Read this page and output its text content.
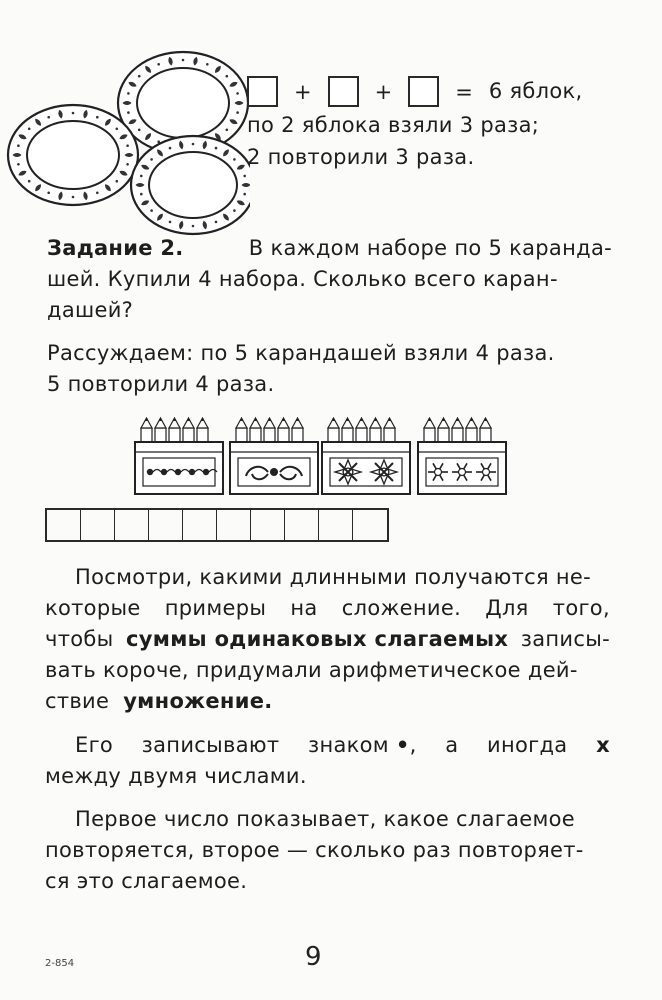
+	+	= 6 яблок,
по 2 яблока взяли 3 раза;
2 повторили 3 раза.
Задание 2.	В каждом наборе по 5 каранда-
шей. Купили 4 набора. Сколько всего каран-
дашей?
Рассуждаем: по 5 карандашей взяли 4 раза.
5 повторили 4 раза.
Посмотри, какими длинными получаются не-
которые примеры на сложение. Для того,
чтобы суммы одинаковых слагаемых записы-
вать короче, придумали арифметическое дей-
ствие умножение.
Его записывают знаком •, а иногда х
между двумя числами.
Первое число показывает, какое слагаемое
повторяется, второе — сколько раз повторяет-
ся это слагаемое.
2-854	9
